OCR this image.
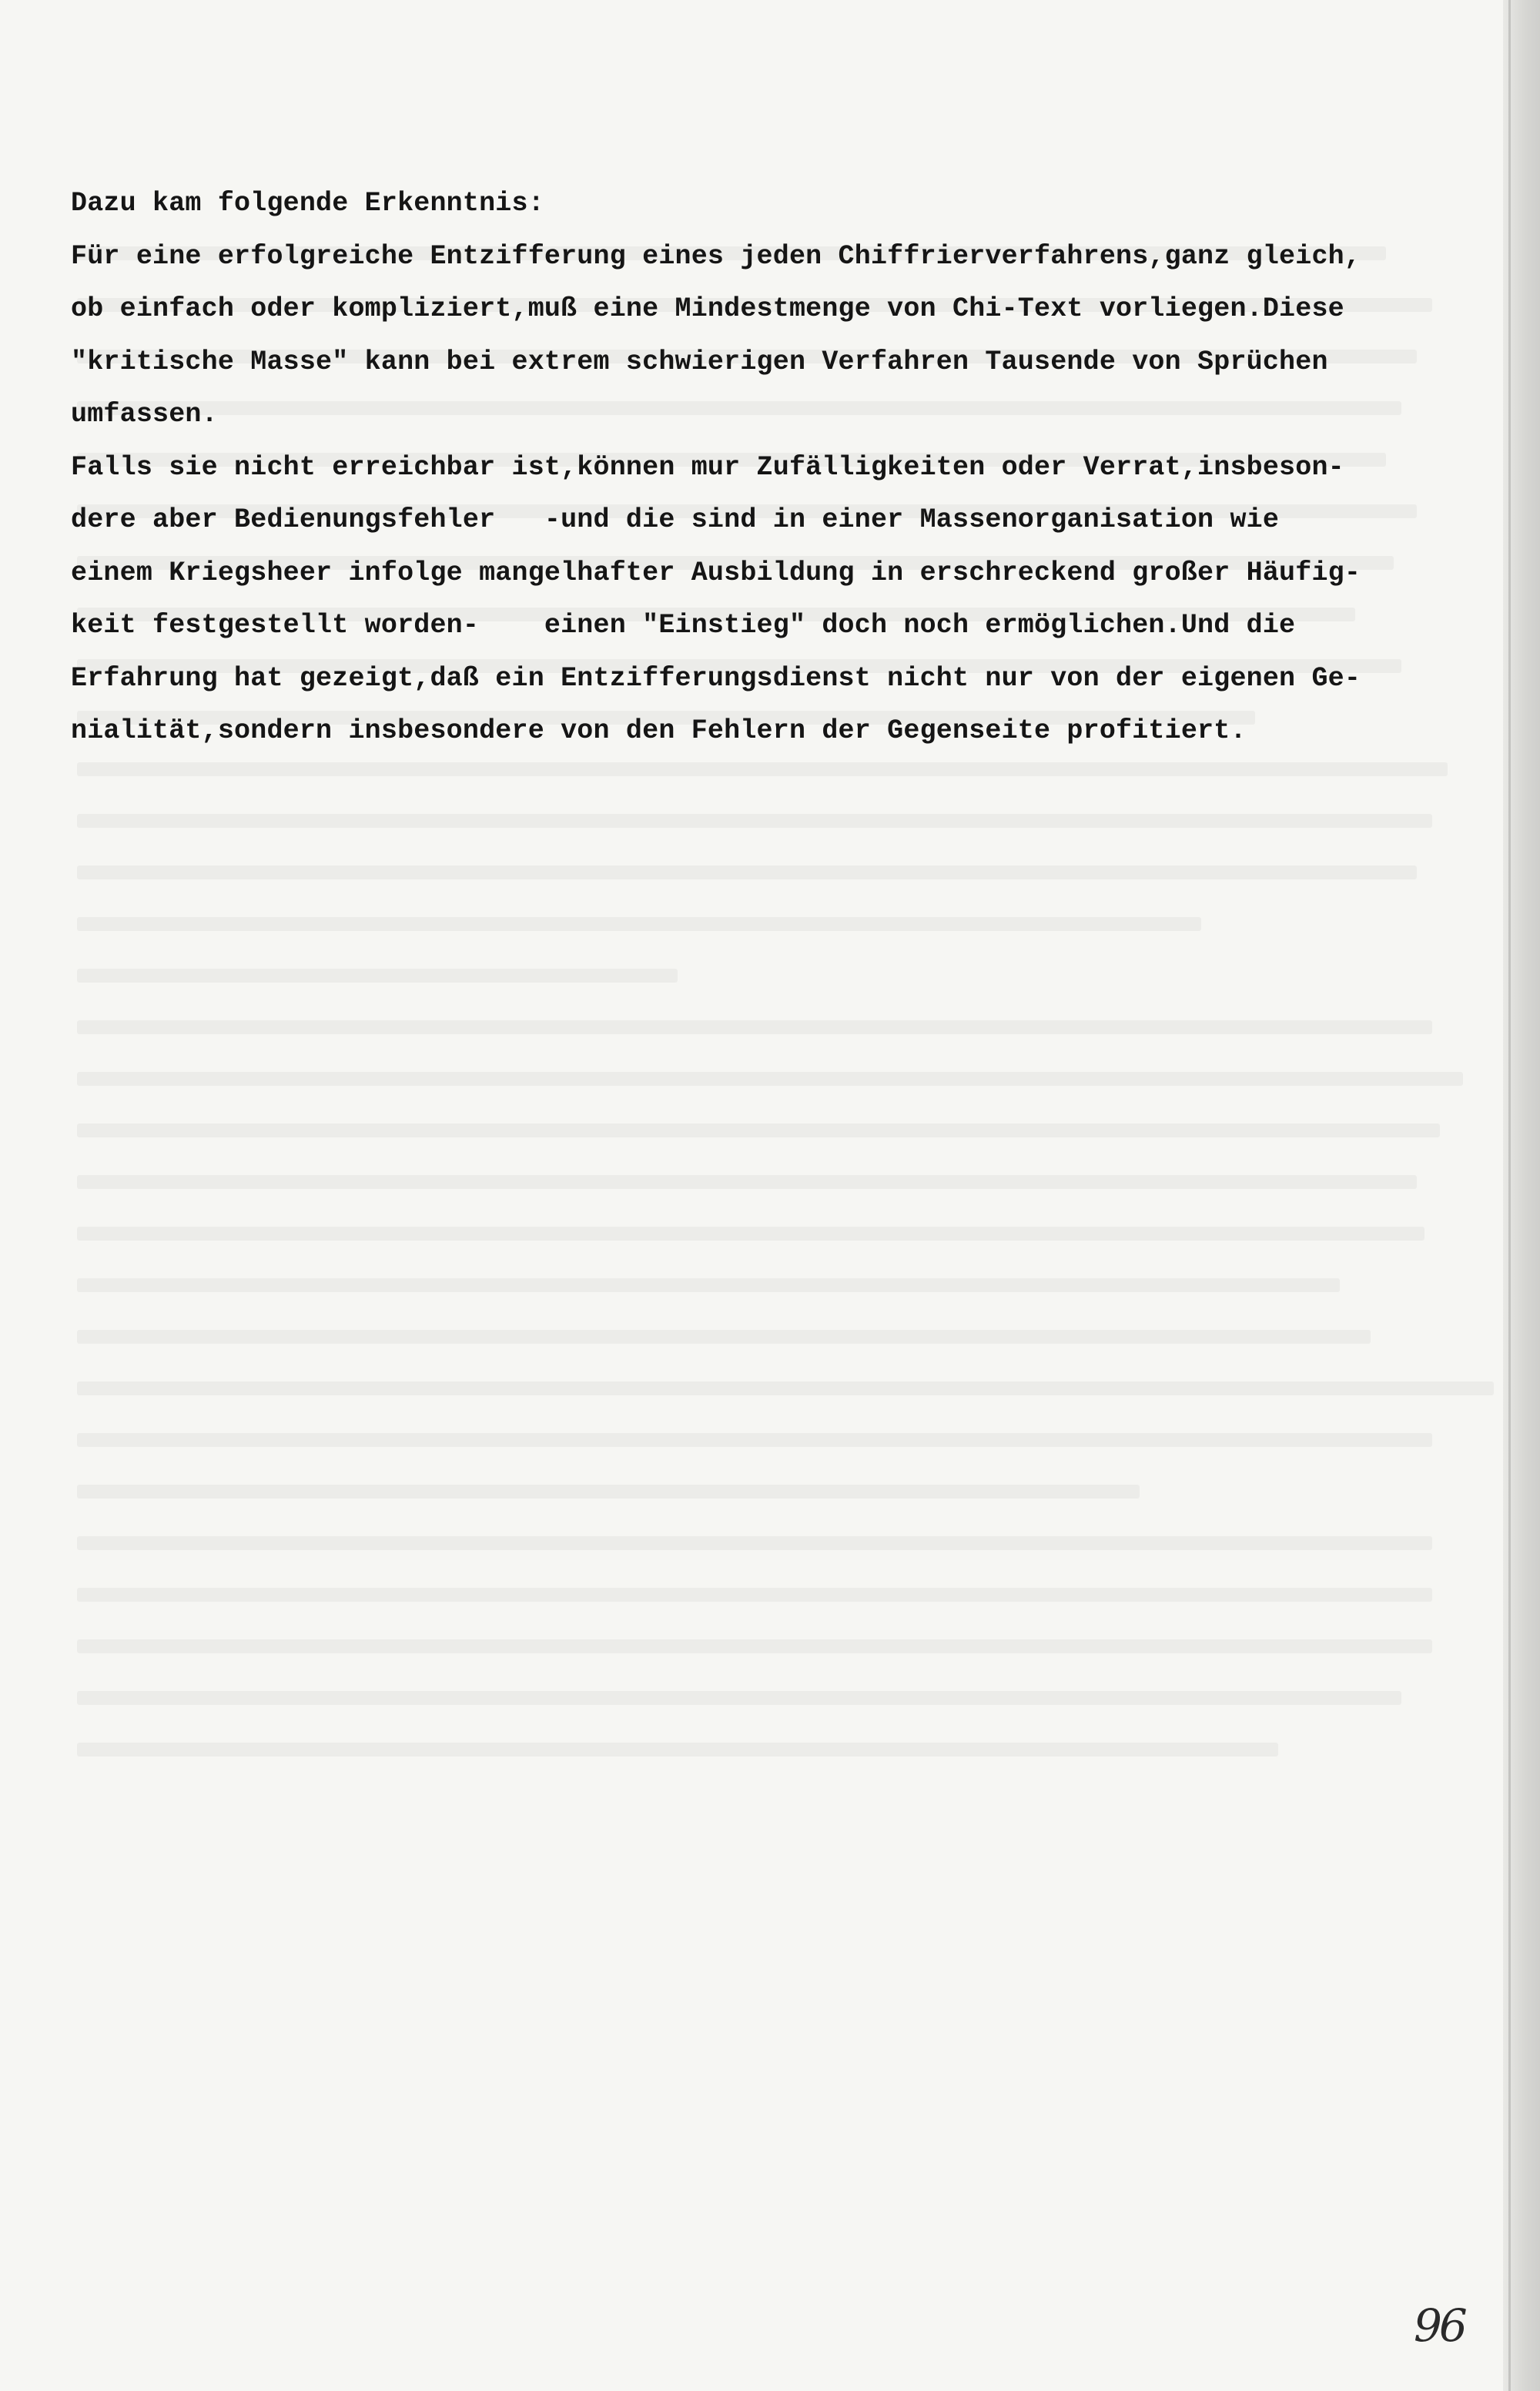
Dazu kam folgende Erkenntnis:
Für eine erfolgreiche Entzifferung eines jeden Chiffrierverfahrens,ganz gleich,
ob einfach oder kompliziert,muß eine Mindestmenge von Chi-Text vorliegen.Diese
"kritische Masse" kann bei extrem schwierigen Verfahren Tausende von Sprüchen
umfassen.
Falls sie nicht erreichbar ist,können mur Zufälligkeiten oder Verrat,insbeson-
dere aber Bedienungsfehler   -und die sind in einer Massenorganisation wie
einem Kriegsheer infolge mangelhafter Ausbildung in erschreckend großer Häufig-
keit festgestellt worden-    einen "Einstieg" doch noch ermöglichen.Und die
Erfahrung hat gezeigt,daß ein Entzifferungsdienst nicht nur von der eigenen Ge-
nialität,sondern insbesondere von den Fehlern der Gegenseite profitiert.
96
